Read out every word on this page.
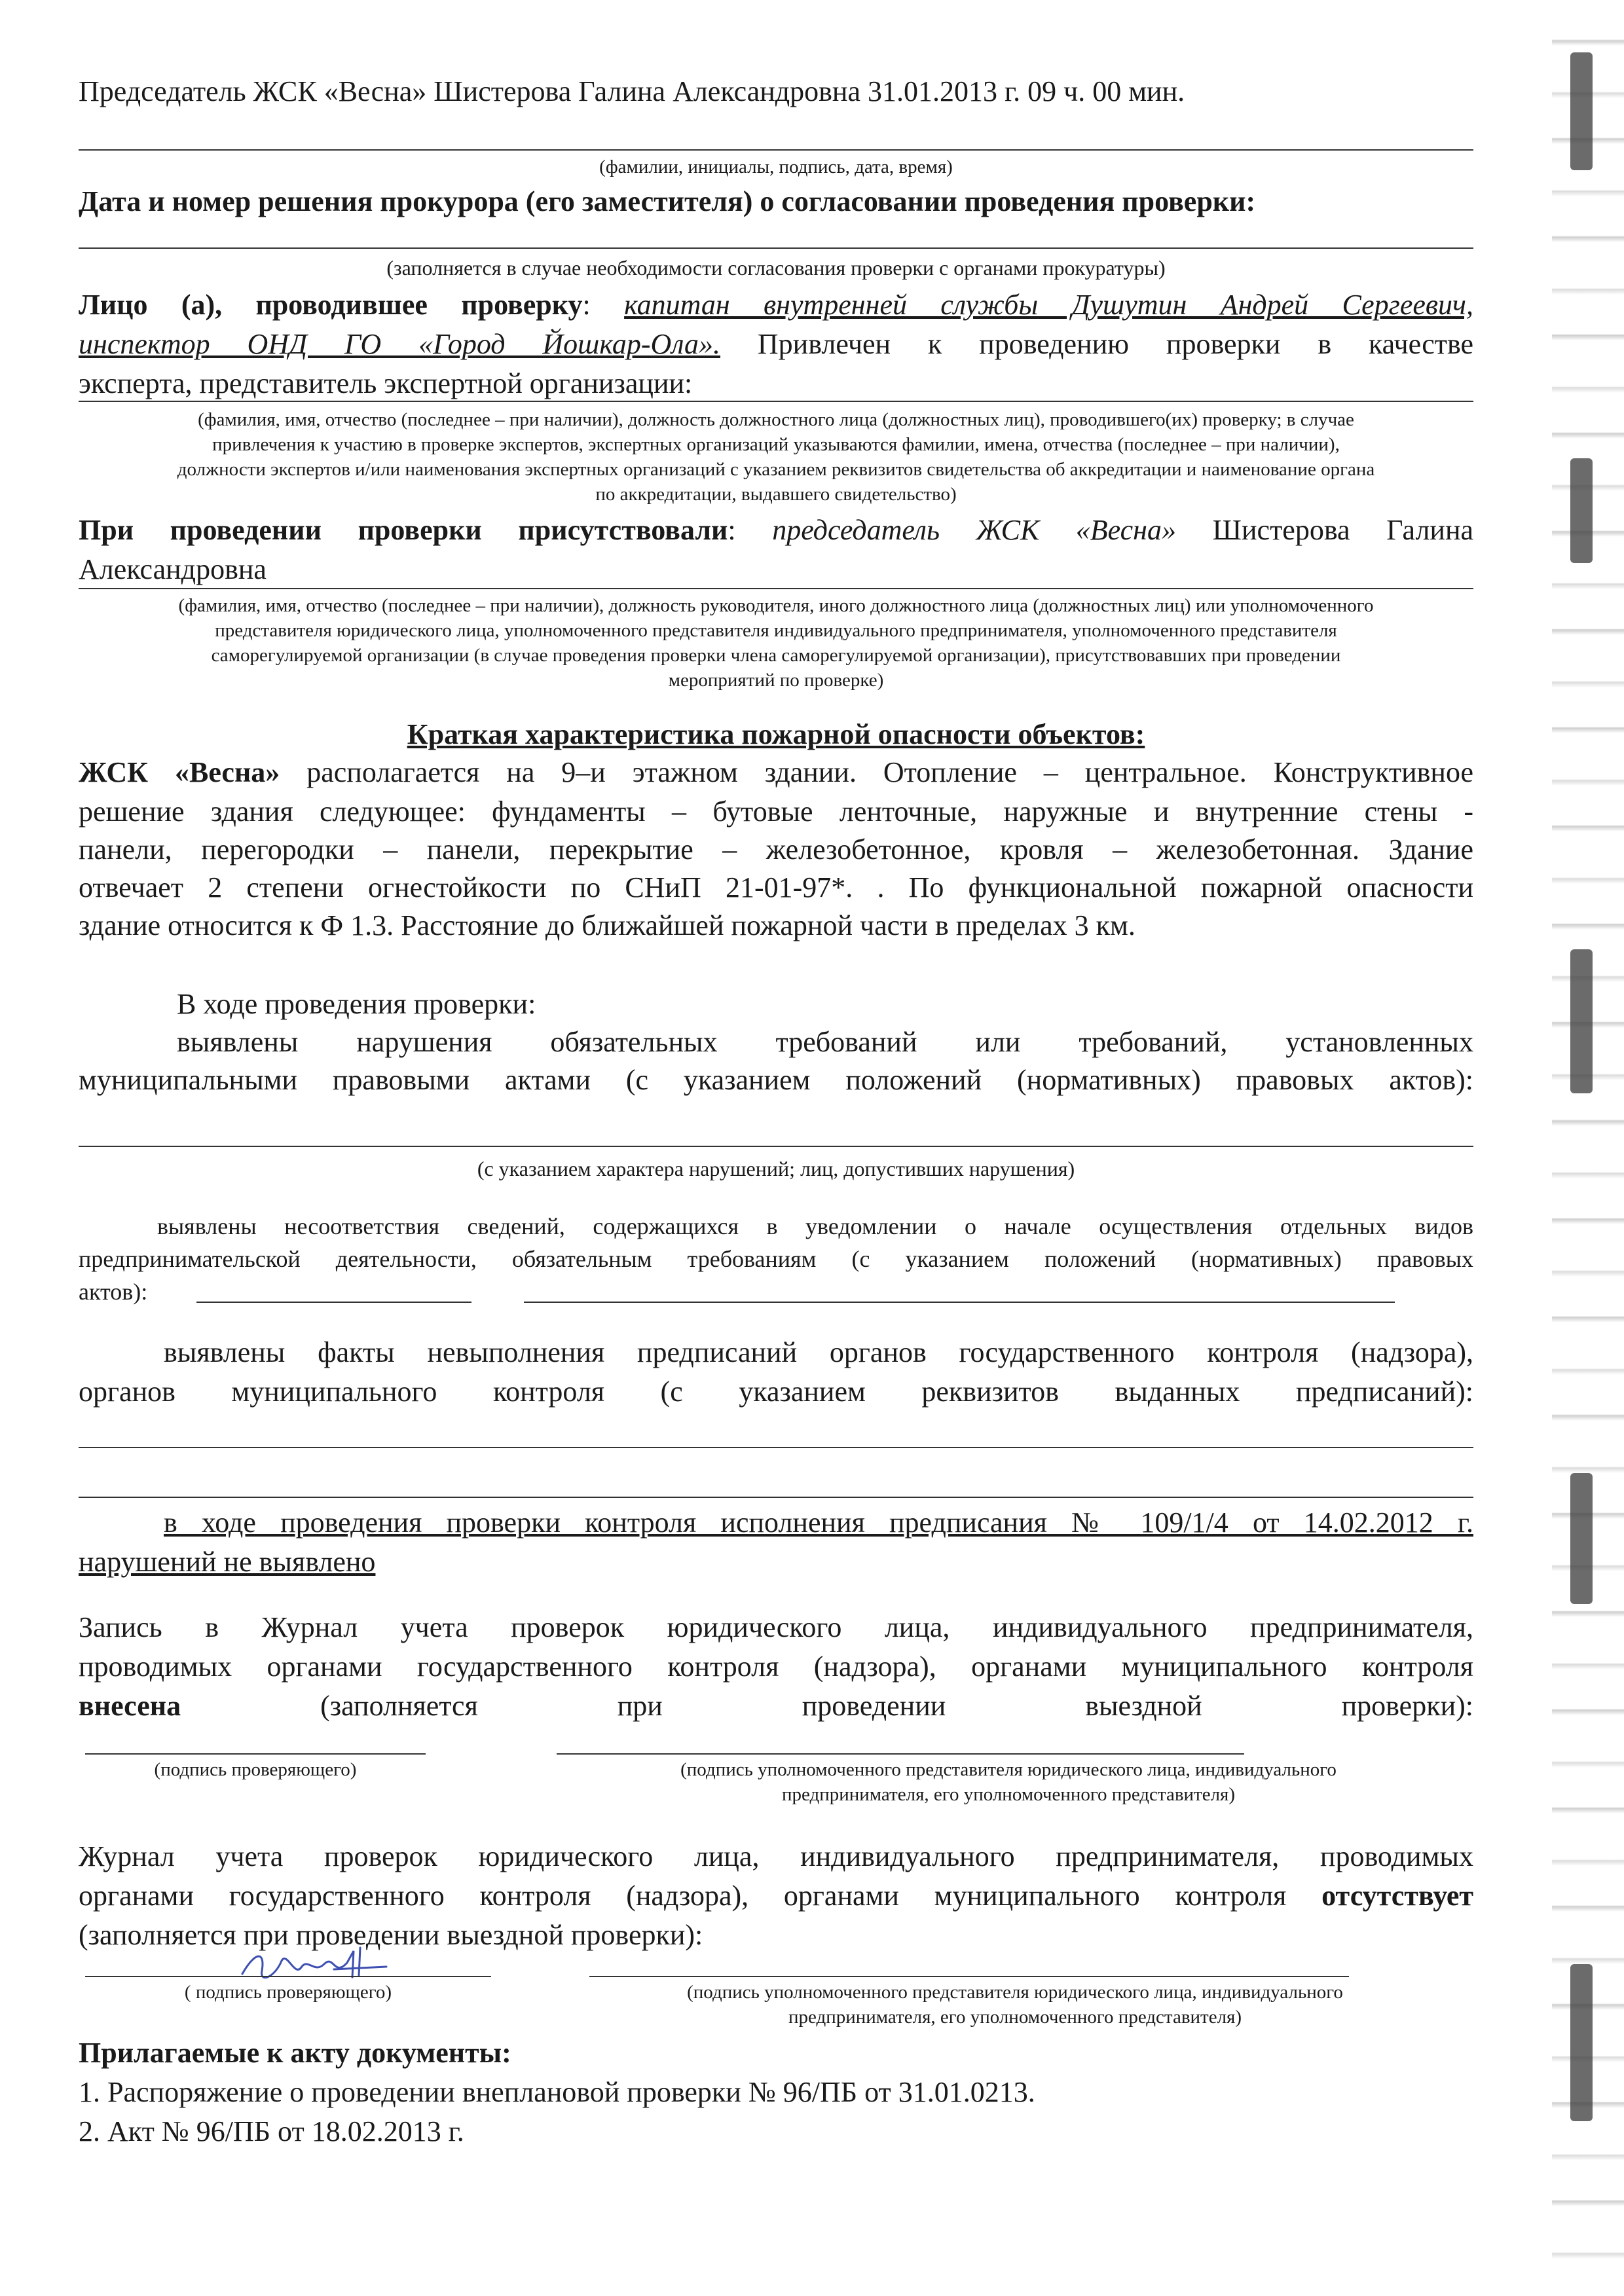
Председатель ЖСК «Весна» Шистерова Галина Александровна 31.01.2013 г. 09 ч. 00 мин.
(фамилии, инициалы, подпись, дата, время)
Дата и номер решения прокурора (его заместителя) о согласовании проведения проверки:
(заполняется в случае необходимости согласования проверки с органами прокуратуры)
Лицо (а), проводившее проверку: капитан внутренней службы Душутин Андрей Сергеевич,
инспектор ОНД ГО «Город Йошкар-Ола». Привлечен к проведению проверки в качестве
эксперта, представитель экспертной организации:
(фамилия, имя, отчество (последнее – при наличии), должность должностного лица (должностных лиц), проводившего(их) проверку; в случае
привлечения к участию в проверке экспертов, экспертных организаций указываются фамилии, имена, отчества (последнее – при наличии),
должности экспертов и/или наименования экспертных организаций с указанием реквизитов свидетельства об аккредитации и наименование органа
по аккредитации, выдавшего свидетельство)
При проведении проверки присутствовали: председатель ЖСК «Весна» Шистерова Галина
Александровна
(фамилия, имя, отчество (последнее – при наличии), должность руководителя, иного должностного лица (должностных лиц) или уполномоченного
представителя юридического лица, уполномоченного представителя индивидуального предпринимателя, уполномоченного представителя
саморегулируемой организации (в случае проведения проверки члена саморегулируемой организации), присутствовавших при проведении
мероприятий по проверке)
Краткая характеристика пожарной опасности объектов:
ЖСК «Весна» располагается на 9–и этажном здании. Отопление – центральное. Конструктивное
решение здания следующее: фундаменты – бутовые ленточные, наружные и внутренние стены -
панели, перегородки – панели, перекрытие – железобетонное, кровля – железобетонная. Здание
отвечает 2 степени огнестойкости по СНиП 21-01-97*. . По функциональной пожарной опасности
здание относится к Ф 1.3. Расстояние до ближайшей пожарной части в пределах 3 км.
В ходе проведения проверки:
выявлены нарушения обязательных требований или требований, установленных
муниципальными правовыми актами (с указанием положений (нормативных) правовых актов):
(с указанием характера нарушений; лиц, допустивших нарушения)
выявлены несоответствия сведений, содержащихся в уведомлении о начале осуществления отдельных видов
предпринимательской деятельности, обязательным требованиям (с указанием положений (нормативных) правовых
актов):
выявлены факты невыполнения предписаний органов государственного контроля (надзора),
органов муниципального контроля (с указанием реквизитов выданных предписаний):
в ходе проведения проверки контроля исполнения предписания № 109/1/4 от 14.02.2012 г.
нарушений не выявлено
Запись в Журнал учета проверок юридического лица, индивидуального предпринимателя,
проводимых органами государственного контроля (надзора), органами муниципального контроля
внесена	(заполняется при проведении выездной проверки):
(подпись проверяющего)	(подпись уполномоченного представителя юридического лица, индивидуального
предпринимателя, его уполномоченного представителя)
Журнал учета проверок юридического лица, индивидуального предпринимателя, проводимых
органами государственного контроля (надзора), органами муниципального контроля отсутствует
(заполняется при проведении выездной проверки):
( подпись проверяющего)	(подпись уполномоченного представителя юридического лица, индивидуального
предпринимателя, его уполномоченного представителя)
Прилагаемые к акту документы:
1. Распоряжение о проведении внеплановой проверки № 96/ПБ от 31.01.0213.
2. Акт № 96/ПБ от 18.02.2013 г.
